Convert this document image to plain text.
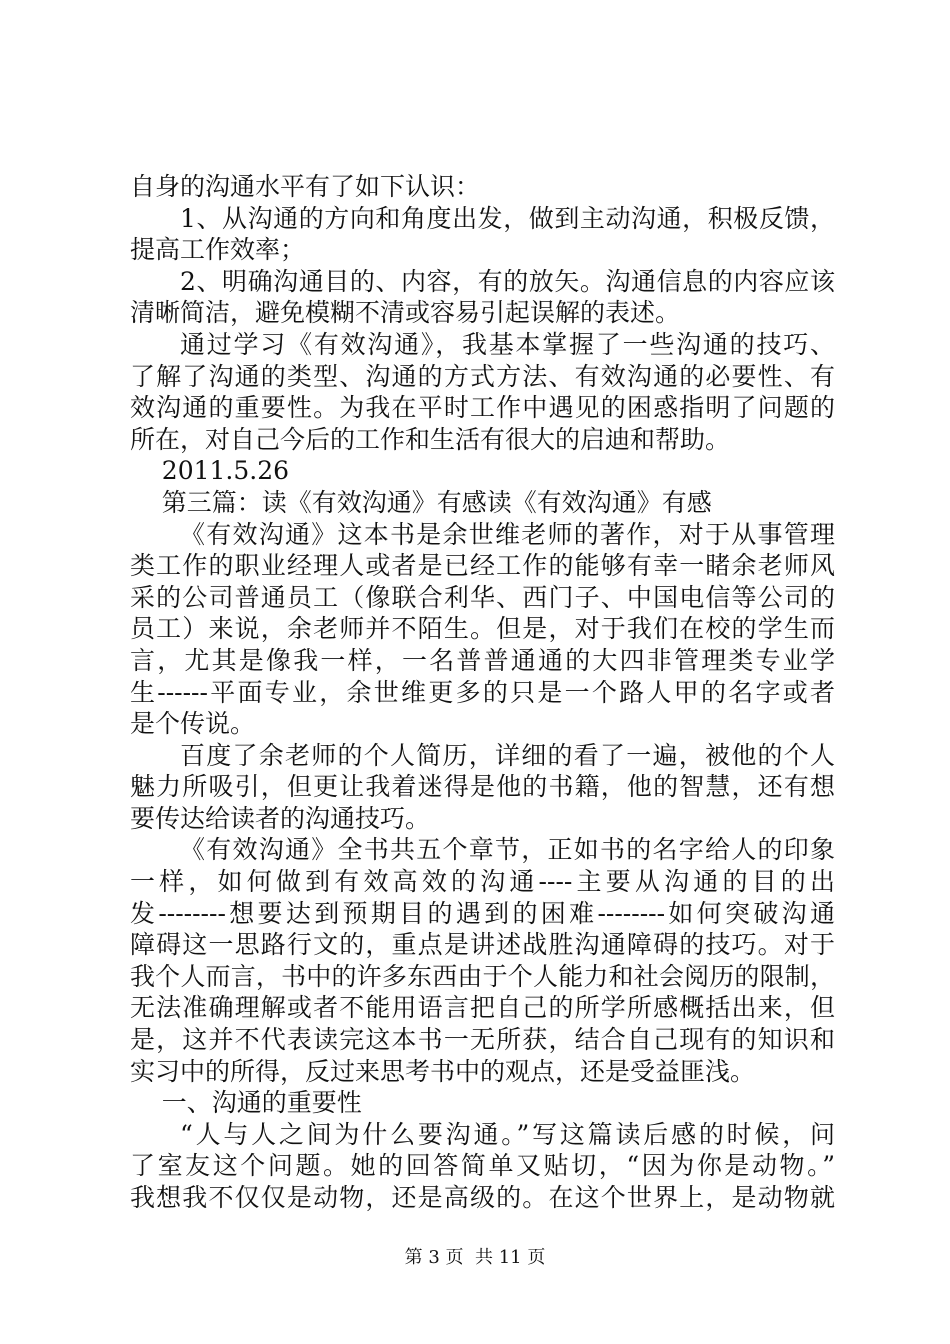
自身的沟通水平有了如下认识：
1、从沟通的方向和角度出发，做到主动沟通，积极反馈，
提高工作效率；
2、明确沟通目的、内容，有的放矢。沟通信息的内容应该
清晰简洁，避免模糊不清或容易引起误解的表述。
通过学习《有效沟通》，我基本掌握了一些沟通的技巧、
了解了沟通的类型、沟通的方式方法、有效沟通的必要性、有
效沟通的重要性。为我在平时工作中遇见的困惑指明了问题的
所在，对自己今后的工作和生活有很大的启迪和帮助。
2011.5.26
第三篇：读《有效沟通》有感读《有效沟通》有感
《有效沟通》这本书是余世维老师的著作，对于从事管理
类工作的职业经理人或者是已经工作的能够有幸一睹余老师风
采的公司普通员工（像联合利华、西门子、中国电信等公司的
员工）来说，余老师并不陌生。但是，对于我们在校的学生而
言，尤其是像我一样，一名普普通通的大四非管理类专业学
生------平面专业，余世维更多的只是一个路人甲的名字或者
是个传说。
百度了余老师的个人简历，详细的看了一遍，被他的个人
魅力所吸引，但更让我着迷得是他的书籍，他的智慧，还有想
要传达给读者的沟通技巧。
《有效沟通》全书共五个章节，正如书的名字给人的印象
一样，如何做到有效高效的沟通----主要从沟通的目的出
发--------想要达到预期目的遇到的困难--------如何突破沟通
障碍这一思路行文的，重点是讲述战胜沟通障碍的技巧。对于
我个人而言，书中的许多东西由于个人能力和社会阅历的限制，
无法准确理解或者不能用语言把自己的所学所感概括出来，但
是，这并不代表读完这本书一无所获，结合自己现有的知识和
实习中的所得，反过来思考书中的观点，还是受益匪浅。
一、沟通的重要性
“人与人之间为什么要沟通。”写这篇读后感的时候，问
了室友这个问题。她的回答简单又贴切，“因为你是动物。”
我想我不仅仅是动物，还是高级的。在这个世界上，是动物就
第 3 页  共 11 页
